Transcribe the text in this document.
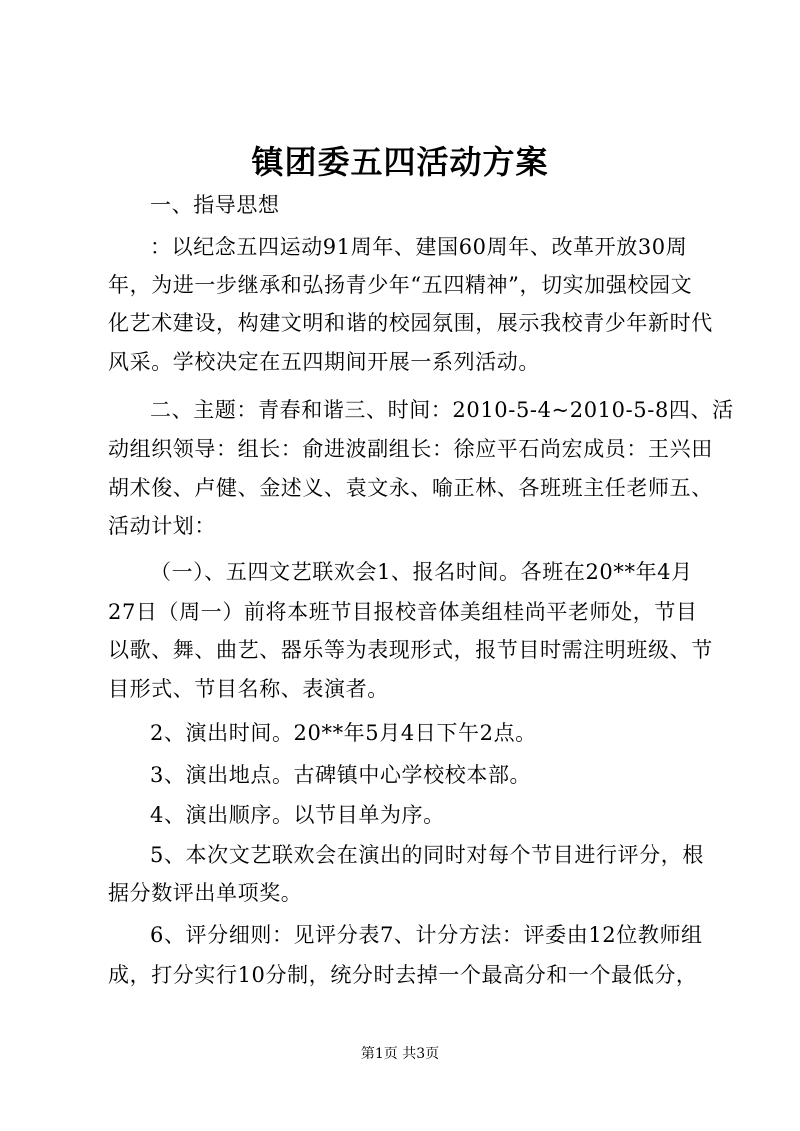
镇团委五四活动方案
一、指导思想
：以纪念五四运动91周年、建国60周年、改革开放30周
年，为进一步继承和弘扬青少年“五四精神”，切实加强校园文
化艺术建设，构建文明和谐的校园氛围，展示我校青少年新时代
风采。学校决定在五四期间开展一系列活动。
二、主题：青春和谐三、时间：2010-5-4~2010-5-8四、活
动组织领导：组长：俞进波副组长：徐应平石尚宏成员：王兴田
胡术俊、卢健、金述义、袁文永、喻正林、各班班主任老师五、
活动计划：
（一）、五四文艺联欢会1、报名时间。各班在20**年4月
27日（周一）前将本班节目报校音体美组桂尚平老师处，节目
以歌、舞、曲艺、器乐等为表现形式，报节目时需注明班级、节
目形式、节目名称、表演者。
2、演出时间。20**年5月4日下午2点。
3、演出地点。古碑镇中心学校校本部。
4、演出顺序。以节目单为序。
5、本次文艺联欢会在演出的同时对每个节目进行评分，根
据分数评出单项奖。
6、评分细则：见评分表7、计分方法：评委由12位教师组
成，打分实行10分制，统分时去掉一个最高分和一个最低分，
第1页 共3页
